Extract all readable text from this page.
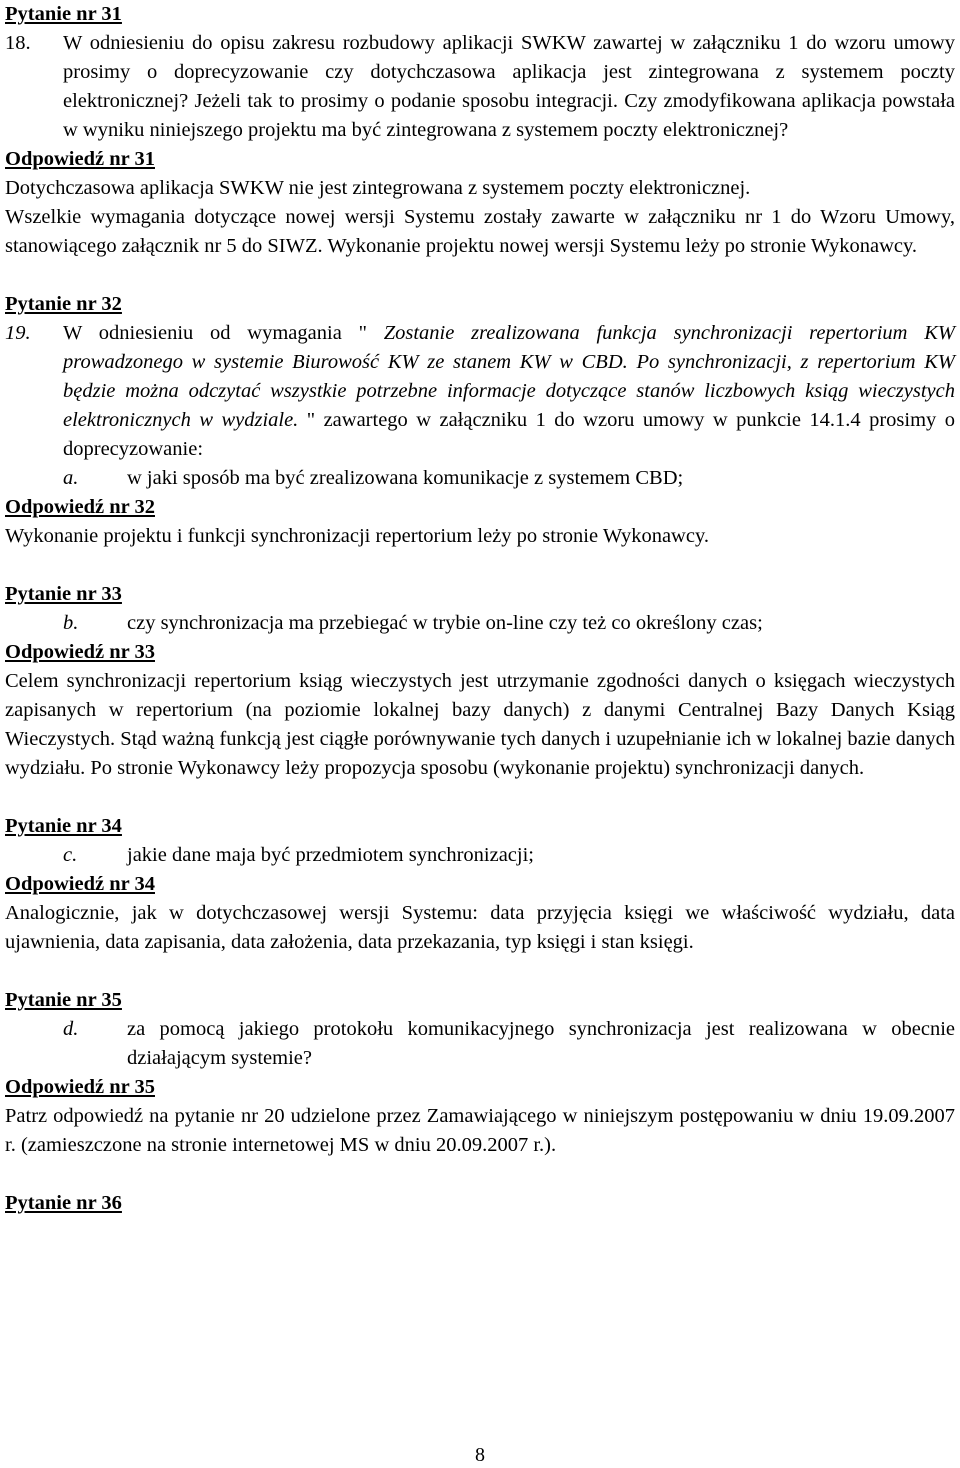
Pytanie nr 31
18.	W odniesieniu do opisu zakresu rozbudowy aplikacji SWKW zawartej w załączniku 1 do wzoru umowy prosimy o doprecyzowanie czy dotychczasowa aplikacja jest zintegrowana z systemem poczty elektronicznej? Jeżeli tak to prosimy o podanie sposobu integracji. Czy zmodyfikowana aplikacja powstała w wyniku niniejszego projektu ma być zintegrowana z systemem poczty elektronicznej?
Odpowiedź nr 31

Dotychczasowa aplikacja SWKW nie jest zintegrowana z systemem poczty elektronicznej.

Wszelkie wymagania dotyczące nowej wersji Systemu zostały zawarte w załączniku nr 1 do Wzoru Umowy, stanowiącego załącznik nr 5 do SIWZ. Wykonanie projektu nowej wersji Systemu leży po stronie Wykonawcy.

Pytanie nr 32
19.	W odniesieniu od wymagania " Zostanie zrealizowana funkcja synchronizacji repertorium KW prowadzonego w systemie Biurowość KW ze stanem KW w CBD. Po synchronizacji, z repertorium KW będzie można odczytać wszystkie potrzebne informacje dotyczące stanów liczbowych ksiąg wieczystych elektronicznych w wydziale. " zawartego w załączniku 1 do wzoru umowy w punkcie 14.1.4 prosimy o doprecyzowanie:
a.	w jaki sposób ma być zrealizowana komunikacje z systemem CBD;
Odpowiedź nr 32

Wykonanie projektu i funkcji synchronizacji repertorium leży po stronie Wykonawcy.

Pytanie nr 33
b.	czy synchronizacja ma przebiegać w trybie on-line czy też co określony czas;
Odpowiedź nr 33

Celem synchronizacji repertorium ksiąg wieczystych jest utrzymanie zgodności danych o księgach wieczystych zapisanych w repertorium (na poziomie lokalnej bazy danych) z danymi Centralnej Bazy Danych Ksiąg Wieczystych. Stąd ważną funkcją jest ciągłe porównywanie tych danych i uzupełnianie ich w lokalnej bazie danych wydziału. Po stronie Wykonawcy leży propozycja sposobu (wykonanie projektu) synchronizacji danych.

Pytanie nr 34
c.	jakie dane maja być przedmiotem synchronizacji;
Odpowiedź nr 34

Analogicznie, jak w dotychczasowej wersji Systemu: data przyjęcia księgi we właściwość wydziału, data ujawnienia, data zapisania, data założenia, data przekazania, typ księgi i stan księgi.

Pytanie nr 35
d.	za pomocą jakiego protokołu komunikacyjnego synchronizacja jest realizowana w obecnie działającym systemie?
Odpowiedź nr 35

Patrz odpowiedź na pytanie nr 20 udzielone przez Zamawiającego w niniejszym postępowaniu w dniu 19.09.2007 r. (zamieszczone na stronie internetowej MS w dniu 20.09.2007 r.).

Pytanie nr 36
8
